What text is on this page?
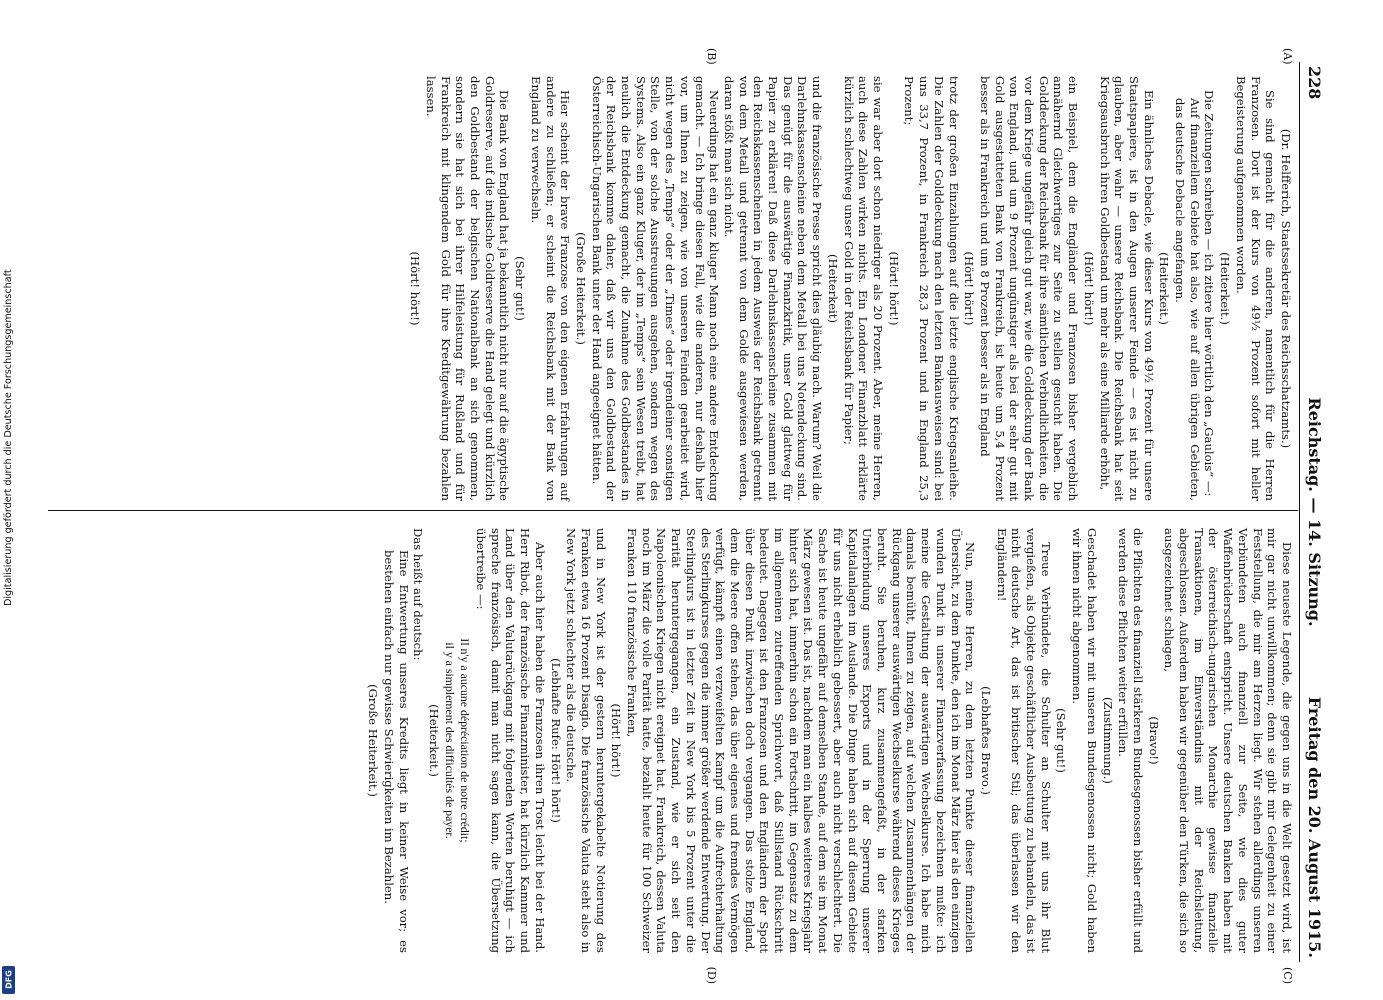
228
Reichstag. — 14. Sitzung.
Freitag den 20. August 1915.
(A)
(B)
(C)
(D)

(Dr. Helfferich, Staatssekretär des Reichsschatzamts.)

Sie sind gemacht für die anderen, namentlich für die Herren Franzosen. Dort ist der Kurs von 49½ Prozent sofort mit heller Begeisterung aufgenommen worden.

(Heiterkeit.)

Die Zeitungen schreiben — ich zitiere hier wörtlich den „Gaulois“ —:

Auf finanziellem Gebiete hat also, wie auf allen übrigen Gebieten, das deutsche Debacle angefangen.

(Heiterkeit.)

Ein ähnliches Debacle, wie dieser Kurs von 49½ Prozent für unsere Staatspapiere, ist in den Augen unserer Feinde — es ist nicht zu glauben, aber wahr — unsere Reichsbank. Die Reichsbank hat seit Kriegsausbruch ihren Goldbestand um mehr als eine Milliarde erhöht,

(Hört! hört!)

ein Beispiel, dem die Engländer und Franzosen bisher vergeblich annähernd Gleichwertiges zur Seite zu stellen gesucht haben. Die Golddeckung der Reichsbank für ihre sämtlichen Verbindlichkeiten, die vor dem Kriege ungefähr gleich gut war, wie die Golddeckung der Bank von England, und um 9 Prozent ungünstiger als bei der sehr gut mit Gold ausgestatteten Bank von Frankreich, ist heute um 5,4 Prozent besser als in Frankreich und um 8 Prozent besser als in England

(Hört! hört!)

trotz der großen Einzahlungen auf die letzte englische Kriegsanleihe. Die Zahlen der Golddeckung nach den letzten Bankausweisen sind: bei uns 33,7 Prozent, in Frankreich 28,3 Prozent und in England 25,3 Prozent;

(Hört! hört!)

sie war aber dort schon niedriger als 20 Prozent. Aber, meine Herren, auch diese Zahlen wirken nichts. Ein Londoner Finanzblatt erklärte kürzlich schlechtweg unser Gold in der Reichsbank für Papier;

(Heiterkeit)

und die französische Presse spricht dies gläubig nach. Warum? Weil die Darlehnskassenscheine neben dem Metall bei uns Notendeckung sind. Das genügt für die auswärtige Finanzkritik, unser Gold glattweg für Papier zu erklären! Daß diese Darlehnskassenscheine zusammen mit den Reichskassenscheinen in jedem Ausweis der Reichsbank getrennt von dem Metall und getrennt von dem Golde ausgewiesen werden, daran stößt man sich nicht.

Neuerdings hat ein ganz kluger Mann noch eine andere Entdeckung gemacht. — Ich bringe diesen Fall, wie die anderen, nur deshalb hier vor, um Ihnen zu zeigen, wie von unseren Feinden gearbeitet wird, nicht wegen des „Temps“ oder der „Times“ oder irgendeiner sonstigen Stelle, von der solche Ausstreuungen ausgehen, sondern wegen des Systems. Also ein ganz Kluger, der im „Temps“ sein Wesen treibt, hat neulich die Entdeckung gemacht, die Zunahme des Goldbestandes in der Reichsbank komme daher, daß wir uns den Goldbestand der Österreichisch-Ungarischen Bank unter der Hand angeeignet hätten.

(Große Heiterkeit.)

Hier scheint der brave Franzose von den eigenen Erfahrungen auf andere zu schließen; er scheint die Reichsbank mit der Bank von England zu verwechseln.

(Sehr gut!)

Die Bank von England hat ja bekanntlich nicht nur auf die ägyptische Goldreserve, auf die indische Goldreserve die Hand gelegt und kürzlich den Goldbestand der belgischen Nationalbank an sich genommen, sondern sie hat sich bei ihrer Hilfeleistung für Rußland und für Frankreich mit klingendem Gold für ihre Kreditgewährung bezahlen lassen.

(Hört! hört!)

Diese neueste Legende, die gegen uns in die Welt gesetzt wird, ist mir gar nicht unwillkommen; denn sie gibt mir Gelegenheit zu einer Feststellung, die mir am Herzen liegt. Wir stehen allerdings unseren Verbündeten auch finanziell zur Seite, wie dies guter Waffenbrüderschaft entspricht. Unsere deutschen Banken haben mit der österreichisch-ungarischen Monarchie gewisse finanzielle Transaktionen, im Einverständnis mit der Reichsleitung, abgeschlossen. Außerdem haben wir gegenüber den Türken, die sich so ausgezeichnet schlagen,

(Bravo!)

die Pflichten des finanziell stärkeren Bundesgenossen bisher erfüllt und werden diese Pflichten weiter erfüllen.

(Zustimmung.)

Geschadet haben wir mit unseren Bundesgenossen nicht; Gold haben wir ihnen nicht abgenommen.

(Sehr gut!)

Treue Verbündete, die Schulter an Schulter mit uns ihr Blut vergießen, als Objekte geschäftlicher Ausbeutung zu behandeln, das ist nicht deutsche Art, das ist britischer Stil; das überlassen wir den Engländern!

(Lebhaftes Bravo.)

Nun, meine Herren, zu dem letzten Punkte dieser finanziellen Übersicht, zu dem Punkte, den ich im Monat März hier als den einzigen wunden Punkt in unserer Finanzverfassung bezeichnen mußte: ich meine die Gestaltung der auswärtigen Wechselkurse. Ich habe mich damals bemüht, Ihnen zu zeigen, auf welchen Zusammenhängen der Rückgang unserer auswärtigen Wechselkurse während dieses Krieges beruht. Sie beruhen, kurz zusammengefaßt, in der starken Unterbindung unseres Exports und in der Sperrung unserer Kapitalanlagen im Auslande. Die Dinge haben sich auf diesem Gebiete für uns nicht erheblich gebessert, aber auch nicht verschlechtert. Die Sache ist heute ungefähr auf demselben Stande, auf dem sie im Monat März gewesen ist. Das ist, nachdem man ein halbes weiteres Kriegsjahr hinter sich hat, immerhin schon ein Fortschritt, im Gegensatz zu dem im allgemeinen zutreffenden Sprichwort, daß Stillstand Rückschritt bedeutet. Dagegen ist den Franzosen und den Engländern der Spott über diesen Punkt inzwischen doch vergangen. Das stolze England, dem die Meere offen stehen, das über eigenes und fremdes Vermögen verfügt, kämpft einen verzweifelten Kampf um die Aufrechterhaltung des Sterlingkurses gegen die immer größer werdende Entwertung. Der Sterlingkurs ist in letzter Zeit in New York bis 5 Prozent unter die Parität heruntergegangen, ein Zustand, wie er sich seit den Napoleonischen Kriegen nicht ereignet hat. Frankreich, dessen Valuta noch im März die volle Parität hatte, bezahlt heute für 100 Schweizer Franken 110 französische Franken,

(Hört! hört!)

und in New York ist der gestern heruntergekabelte Notierung des Franken etwa 16 Prozent Disagio. Die französische Valuta steht also in New York jetzt schlechter als die deutsche.

(Lebhafte Rufe: Hört! hört!)

Aber auch hier haben die Franzosen ihren Trost leicht bei der Hand. Herr Ribot, der französische Finanzminister, hat kürzlich Kammer und Land über den Valutarückgang mit folgenden Worten beruhigt — ich spreche französisch, damit man nicht sagen kann, die Übersetzung übertreibe —:

Il n'y a aucune dépréciation de notre crédit;

il y a simplement des difficultés de payer.

(Heiterkeit.)

Das heißt auf deutsch:

Eine Entwertung unseres Kredits liegt in keiner Weise vor; es bestehen einfach nur gewisse Schwierigkeiten im Bezahlen.

(Große Heiterkeit.)

Digitalisierung gefördert durch die Deutsche Forschungsgemeinschaft
DFG
